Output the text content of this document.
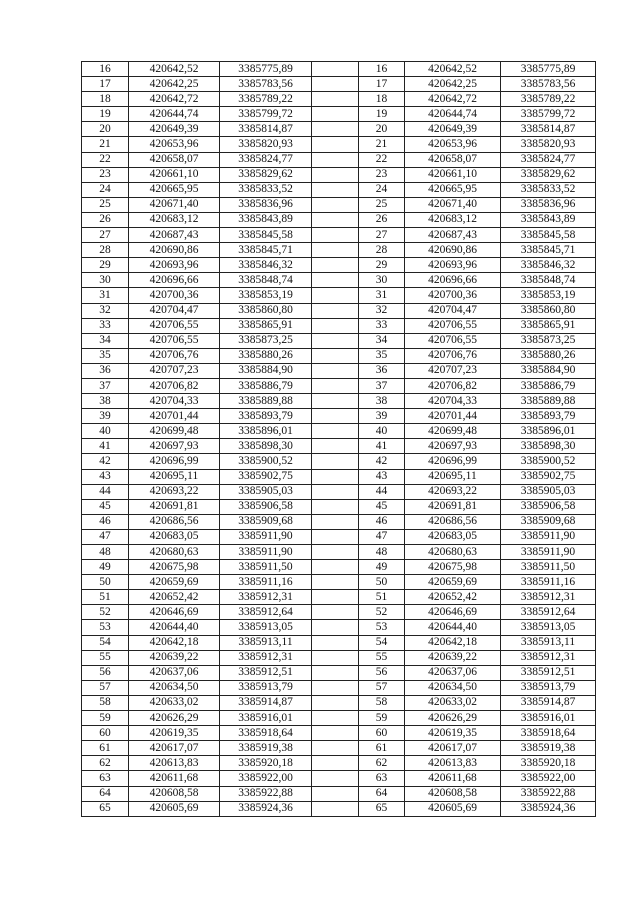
16	420642,52	3385775,89		16	420642,52	3385775,89
17	420642,25	3385783,56		17	420642,25	3385783,56
18	420642,72	3385789,22		18	420642,72	3385789,22
19	420644,74	3385799,72		19	420644,74	3385799,72
20	420649,39	3385814,87		20	420649,39	3385814,87
21	420653,96	3385820,93		21	420653,96	3385820,93
22	420658,07	3385824,77		22	420658,07	3385824,77
23	420661,10	3385829,62		23	420661,10	3385829,62
24	420665,95	3385833,52		24	420665,95	3385833,52
25	420671,40	3385836,96		25	420671,40	3385836,96
26	420683,12	3385843,89		26	420683,12	3385843,89
27	420687,43	3385845,58		27	420687,43	3385845,58
28	420690,86	3385845,71		28	420690,86	3385845,71
29	420693,96	3385846,32		29	420693,96	3385846,32
30	420696,66	3385848,74		30	420696,66	3385848,74
31	420700,36	3385853,19		31	420700,36	3385853,19
32	420704,47	3385860,80		32	420704,47	3385860,80
33	420706,55	3385865,91		33	420706,55	3385865,91
34	420706,55	3385873,25		34	420706,55	3385873,25
35	420706,76	3385880,26		35	420706,76	3385880,26
36	420707,23	3385884,90		36	420707,23	3385884,90
37	420706,82	3385886,79		37	420706,82	3385886,79
38	420704,33	3385889,88		38	420704,33	3385889,88
39	420701,44	3385893,79		39	420701,44	3385893,79
40	420699,48	3385896,01		40	420699,48	3385896,01
41	420697,93	3385898,30		41	420697,93	3385898,30
42	420696,99	3385900,52		42	420696,99	3385900,52
43	420695,11	3385902,75		43	420695,11	3385902,75
44	420693,22	3385905,03		44	420693,22	3385905,03
45	420691,81	3385906,58		45	420691,81	3385906,58
46	420686,56	3385909,68		46	420686,56	3385909,68
47	420683,05	3385911,90		47	420683,05	3385911,90
48	420680,63	3385911,90		48	420680,63	3385911,90
49	420675,98	3385911,50		49	420675,98	3385911,50
50	420659,69	3385911,16		50	420659,69	3385911,16
51	420652,42	3385912,31		51	420652,42	3385912,31
52	420646,69	3385912,64		52	420646,69	3385912,64
53	420644,40	3385913,05		53	420644,40	3385913,05
54	420642,18	3385913,11		54	420642,18	3385913,11
55	420639,22	3385912,31		55	420639,22	3385912,31
56	420637,06	3385912,51		56	420637,06	3385912,51
57	420634,50	3385913,79		57	420634,50	3385913,79
58	420633,02	3385914,87		58	420633,02	3385914,87
59	420626,29	3385916,01		59	420626,29	3385916,01
60	420619,35	3385918,64		60	420619,35	3385918,64
61	420617,07	3385919,38		61	420617,07	3385919,38
62	420613,83	3385920,18		62	420613,83	3385920,18
63	420611,68	3385922,00		63	420611,68	3385922,00
64	420608,58	3385922,88		64	420608,58	3385922,88
65	420605,69	3385924,36		65	420605,69	3385924,36
